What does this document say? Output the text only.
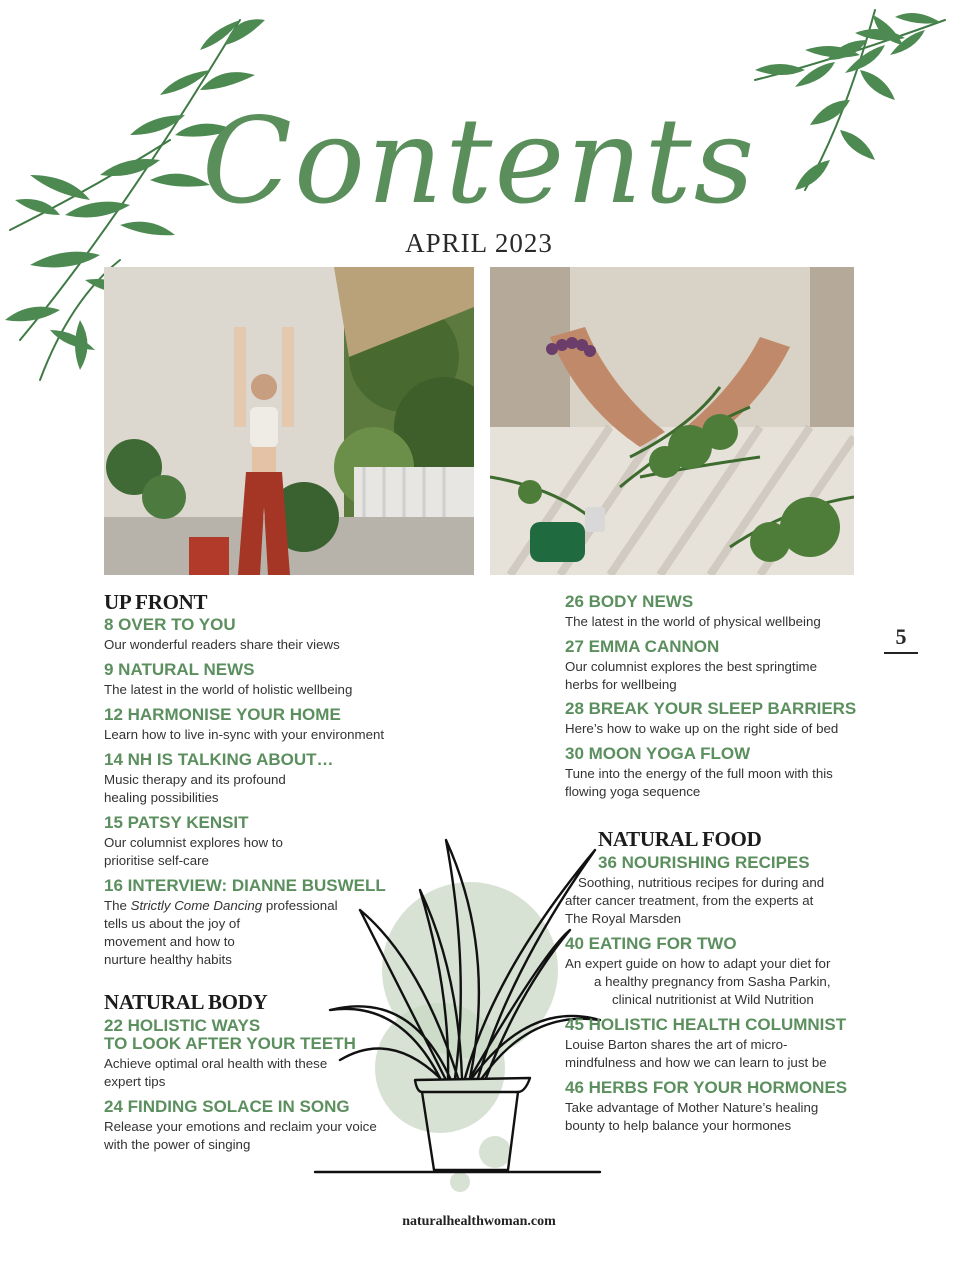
Contents
APRIL 2023
UP FRONT
8 OVER TO YOU
Our wonderful readers share their views
9 NATURAL NEWS
The latest in the world of holistic wellbeing
12 HARMONISE YOUR HOME
Learn how to live in-sync with your environment
14 NH IS TALKING ABOUT…
Music therapy and its profound
healing possibilities
15 PATSY KENSIT
Our columnist explores how to
prioritise self-care
16 INTERVIEW: DIANNE BUSWELL
The Strictly Come Dancing professional
tells us about the joy of
movement and how to
nurture healthy habits
NATURAL BODY
22 HOLISTIC WAYS
TO LOOK AFTER YOUR TEETH
Achieve optimal oral health with these
expert tips
24 FINDING SOLACE IN SONG
Release your emotions and reclaim your voice
with the power of singing
26 BODY NEWS
The latest in the world of physical wellbeing
27 EMMA CANNON
Our columnist explores the best springtime
herbs for wellbeing
28 BREAK YOUR SLEEP BARRIERS
Here’s how to wake up on the right side of bed
30 MOON YOGA FLOW
Tune into the energy of the full moon with this
flowing yoga sequence
5
NATURAL FOOD
36 NOURISHING RECIPES
Soothing, nutritious recipes for during and
after cancer treatment, from the experts at
The Royal Marsden
40 EATING FOR TWO
An expert guide on how to adapt your diet for
a healthy pregnancy from Sasha Parkin,
clinical nutritionist at Wild Nutrition
45 HOLISTIC HEALTH COLUMNIST
Louise Barton shares the art of micro-
mindfulness and how we can learn to just be
46 HERBS FOR YOUR HORMONES
Take advantage of Mother Nature’s healing
bounty to help balance your hormones
naturalhealthwoman.com
